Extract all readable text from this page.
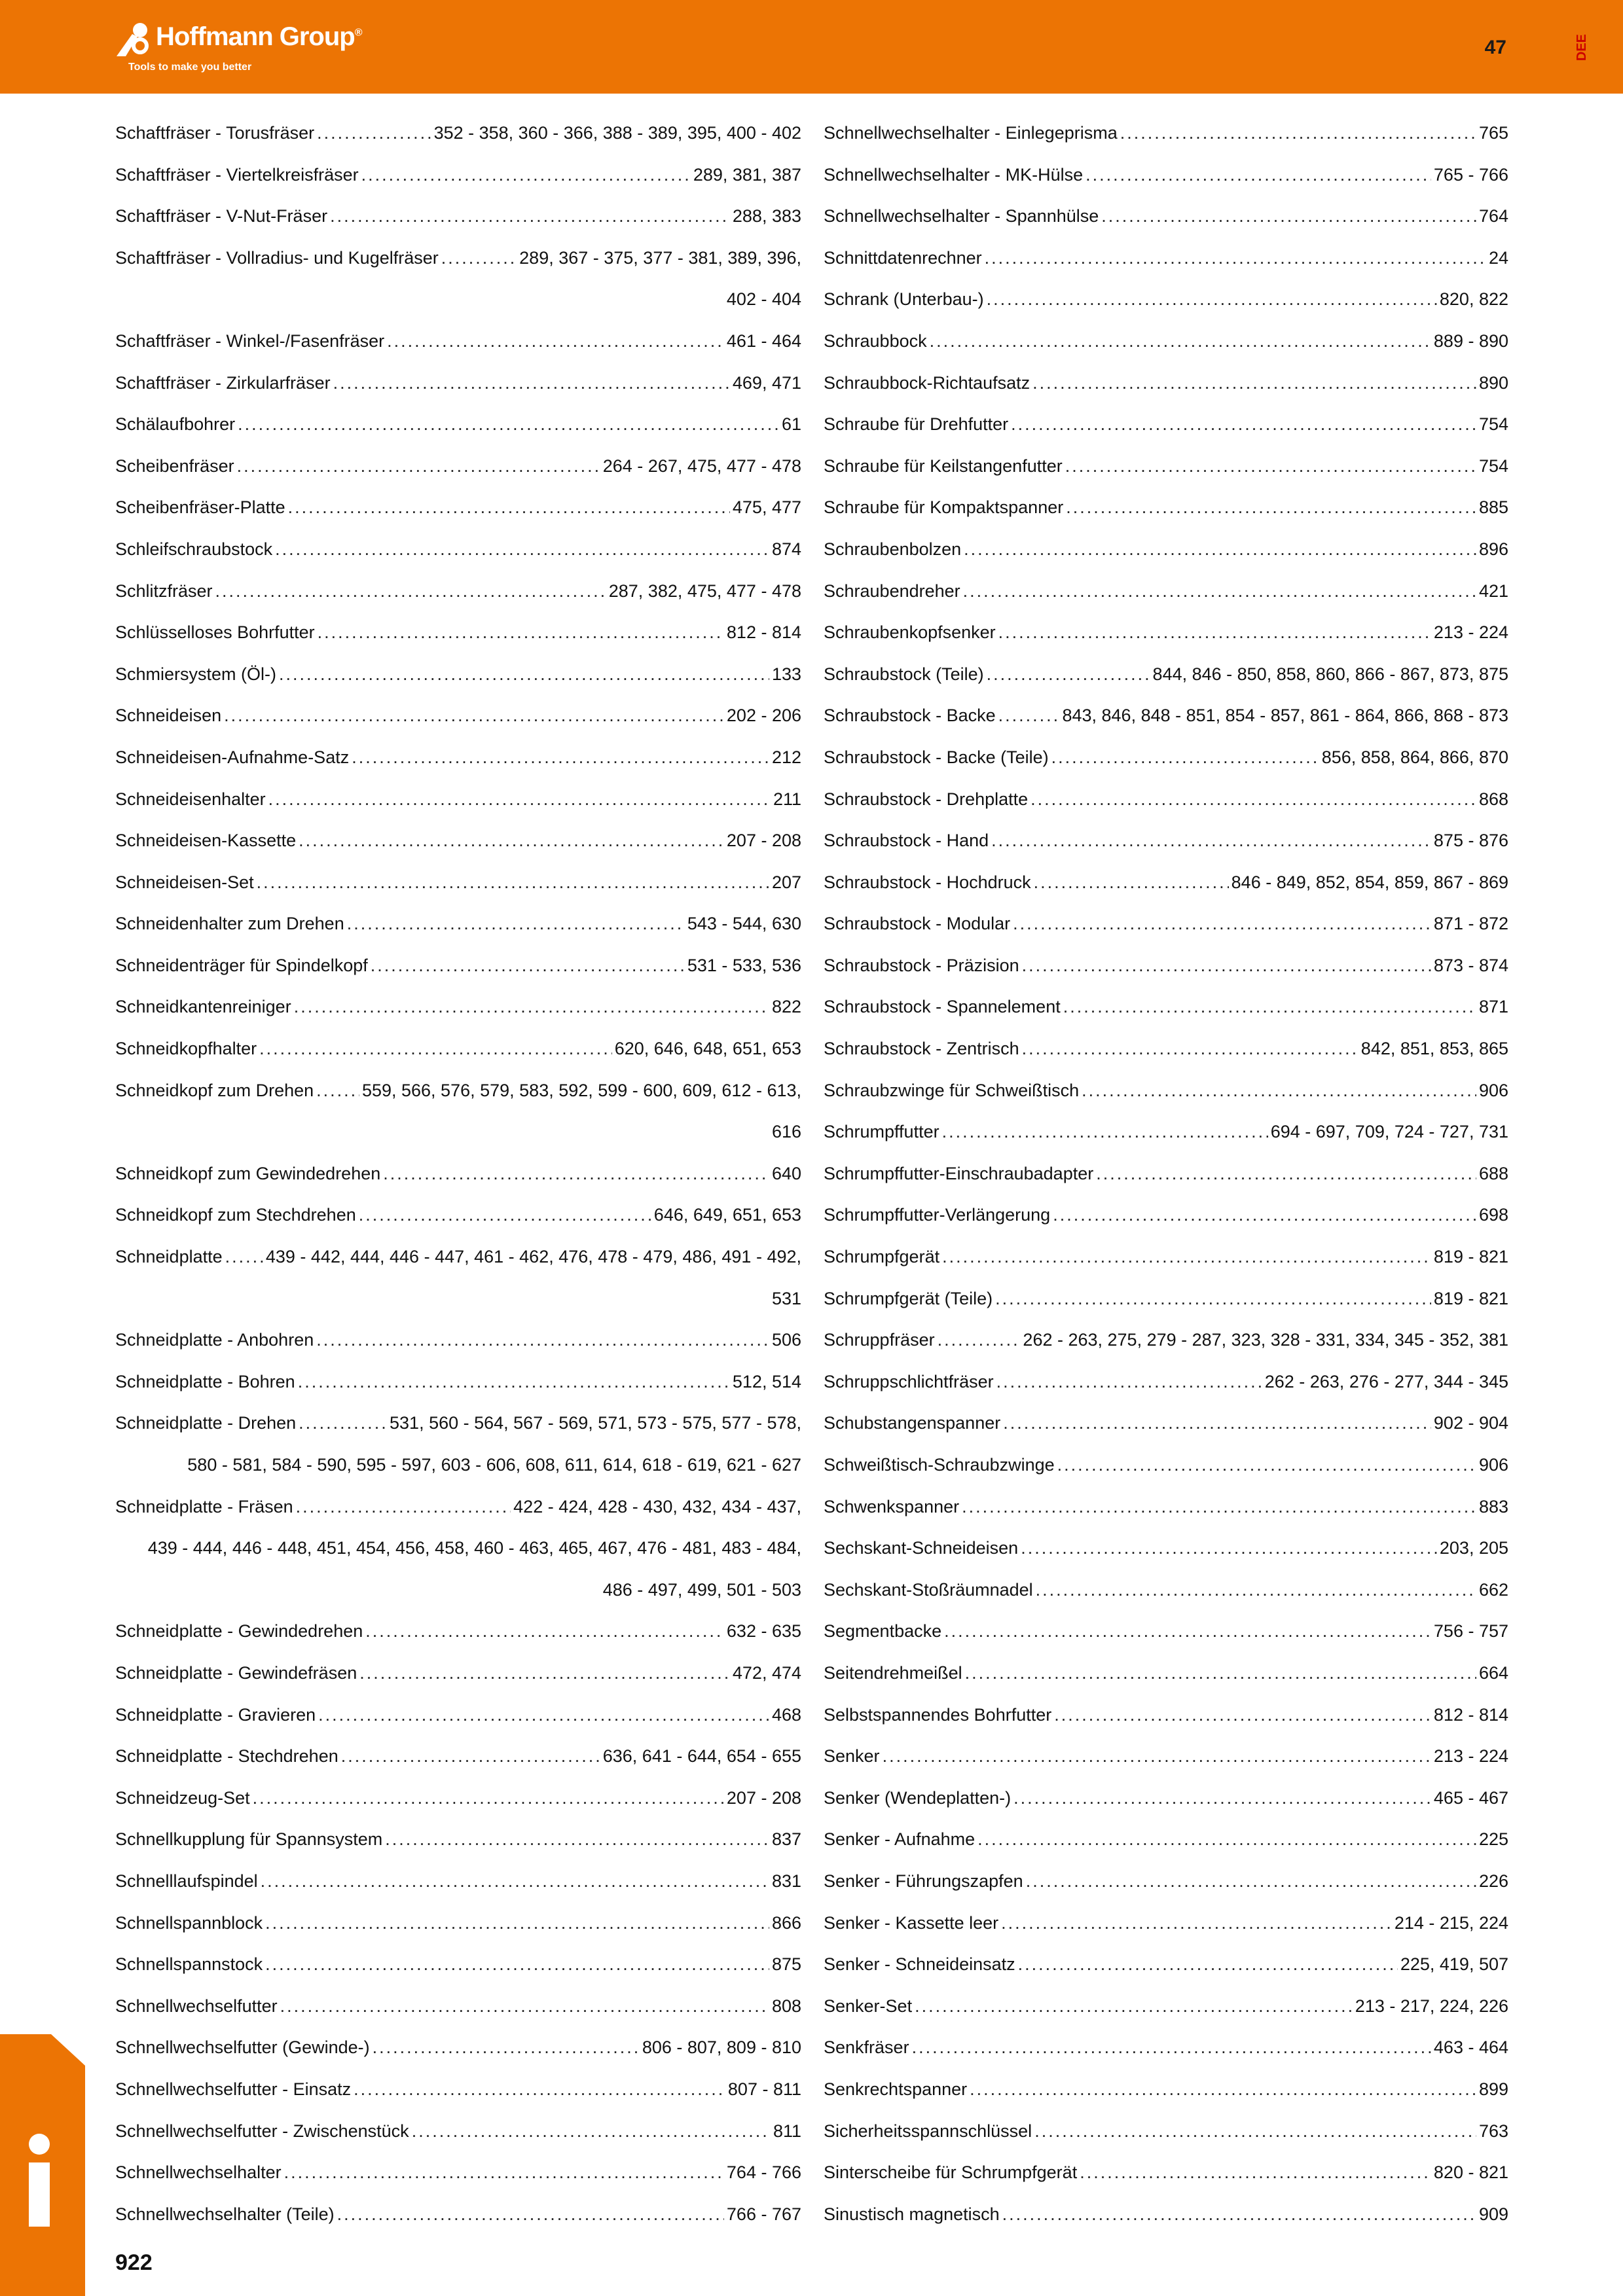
Hoffmann Group®
Tools to make you better
47	DEE
Schaftfräser - Torusfräser .....	352 - 358, 360 - 366, 388 - 389, 395, 400 - 402
Schaftfräser - Viertelkreisfräser .....	289, 381, 387
Schaftfräser - V-Nut-Fräser .....	288, 383
Schaftfräser - Vollradius- und Kugelfräser .....	289, 367 - 375, 377 - 381, 389, 396,
402 - 404
Schaftfräser - Winkel-/Fasenfräser .....	461 - 464
Schaftfräser - Zirkularfräser .....	469, 471
Schälaufbohrer .....	61
Scheibenfräser .....	264 - 267, 475, 477 - 478
Scheibenfräser-Platte .....	475, 477
Schleifschraubstock .....	874
Schlitzfräser .....	287, 382, 475, 477 - 478
Schlüsselloses Bohrfutter .....	812 - 814
Schmiersystem (Öl-) .....	133
Schneideisen .....	202 - 206
Schneideisen-Aufnahme-Satz .....	212
Schneideisenhalter .....	211
Schneideisen-Kassette .....	207 - 208
Schneideisen-Set .....	207
Schneidenhalter zum Drehen .....	543 - 544, 630
Schneidenträger für Spindelkopf .....	531 - 533, 536
Schneidkantenreiniger .....	822
Schneidkopfhalter .....	620, 646, 648, 651, 653
Schneidkopf zum Drehen .....	559, 566, 576, 579, 583, 592, 599 - 600, 609, 612 - 613,
616
Schneidkopf zum Gewindedrehen .....	640
Schneidkopf zum Stechdrehen .....	646, 649, 651, 653
Schneidplatte ..... 439 - 442, 444, 446 - 447, 461 - 462, 476, 478 - 479, 486, 491 - 492,
531
Schneidplatte - Anbohren .....	506
Schneidplatte - Bohren .....	512, 514
Schneidplatte - Drehen .....	531, 560 - 564, 567 - 569, 571, 573 - 575, 577 - 578,
580 - 581, 584 - 590, 595 - 597, 603 - 606, 608, 611, 614, 618 - 619, 621 - 627
Schneidplatte - Fräsen .....	422 - 424, 428 - 430, 432, 434 - 437,
439 - 444, 446 - 448, 451, 454, 456, 458, 460 - 463, 465, 467, 476 - 481, 483 - 484,
486 - 497, 499, 501 - 503
Schneidplatte - Gewindedrehen .....	632 - 635
Schneidplatte - Gewindefräsen .....	472, 474
Schneidplatte - Gravieren .....	468
Schneidplatte - Stechdrehen .....	636, 641 - 644, 654 - 655
Schneidzeug-Set .....	207 - 208
Schnellkupplung für Spannsystem .....	837
Schnelllaufspindel .....	831
Schnellspannblock .....	866
Schnellspannstock .....	875
Schnellwechselfutter .....	808
Schnellwechselfutter (Gewinde-) .....	806 - 807, 809 - 810
Schnellwechselfutter - Einsatz .....	807 - 811
Schnellwechselfutter - Zwischenstück .....	811
Schnellwechselhalter .....	764 - 766
Schnellwechselhalter (Teile) .....	766 - 767
Schnellwechselhalter - Einlegeprisma .....	765
Schnellwechselhalter - MK-Hülse .....	765 - 766
Schnellwechselhalter - Spannhülse .....	764
Schnittdatenrechner .....	24
Schrank (Unterbau-) .....	820, 822
Schraubbock .....	889 - 890
Schraubbock-Richtaufsatz .....	890
Schraube für Drehfutter .....	754
Schraube für Keilstangenfutter .....	754
Schraube für Kompaktspanner .....	885
Schraubenbolzen .....	896
Schraubendreher .....	421
Schraubenkopfsenker .....	213 - 224
Schraubstock (Teile) .....	844, 846 - 850, 858, 860, 866 - 867, 873, 875
Schraubstock - Backe .....	843, 846, 848 - 851, 854 - 857, 861 - 864, 866, 868 - 873
Schraubstock - Backe (Teile) .....	856, 858, 864, 866, 870
Schraubstock - Drehplatte .....	868
Schraubstock - Hand .....	875 - 876
Schraubstock - Hochdruck .....	846 - 849, 852, 854, 859, 867 - 869
Schraubstock - Modular .....	871 - 872
Schraubstock - Präzision .....	873 - 874
Schraubstock - Spannelement .....	871
Schraubstock - Zentrisch .....	842, 851, 853, 865
Schraubzwinge für Schweißtisch .....	906
Schrumpffutter .....	694 - 697, 709, 724 - 727, 731
Schrumpffutter-Einschraubadapter .....	688
Schrumpffutter-Verlängerung .....	698
Schrumpfgerät .....	819 - 821
Schrumpfgerät (Teile) .....	819 - 821
Schruppfräser .....	262 - 263, 275, 279 - 287, 323, 328 - 331, 334, 345 - 352, 381
Schruppschlichtfräser .....	262 - 263, 276 - 277, 344 - 345
Schubstangenspanner .....	902 - 904
Schweißtisch-Schraubzwinge .....	906
Schwenkspanner .....	883
Sechskant-Schneideisen .....	203, 205
Sechskant-Stoßräumnadel .....	662
Segmentbacke .....	756 - 757
Seitendrehmeißel .....	664
Selbstspannendes Bohrfutter .....	812 - 814
Senker .....	213 - 224
Senker (Wendeplatten-) .....	465 - 467
Senker - Aufnahme .....	225
Senker - Führungszapfen .....	226
Senker - Kassette leer .....	214 - 215, 224
Senker - Schneideinsatz .....	225, 419, 507
Senker-Set .....	213 - 217, 224, 226
Senkfräser .....	463 - 464
Senkrechtspanner .....	899
Sicherheitsspannschlüssel .....	763
Sinterscheibe für Schrumpfgerät .....	820 - 821
Sinustisch magnetisch .....	909
922
